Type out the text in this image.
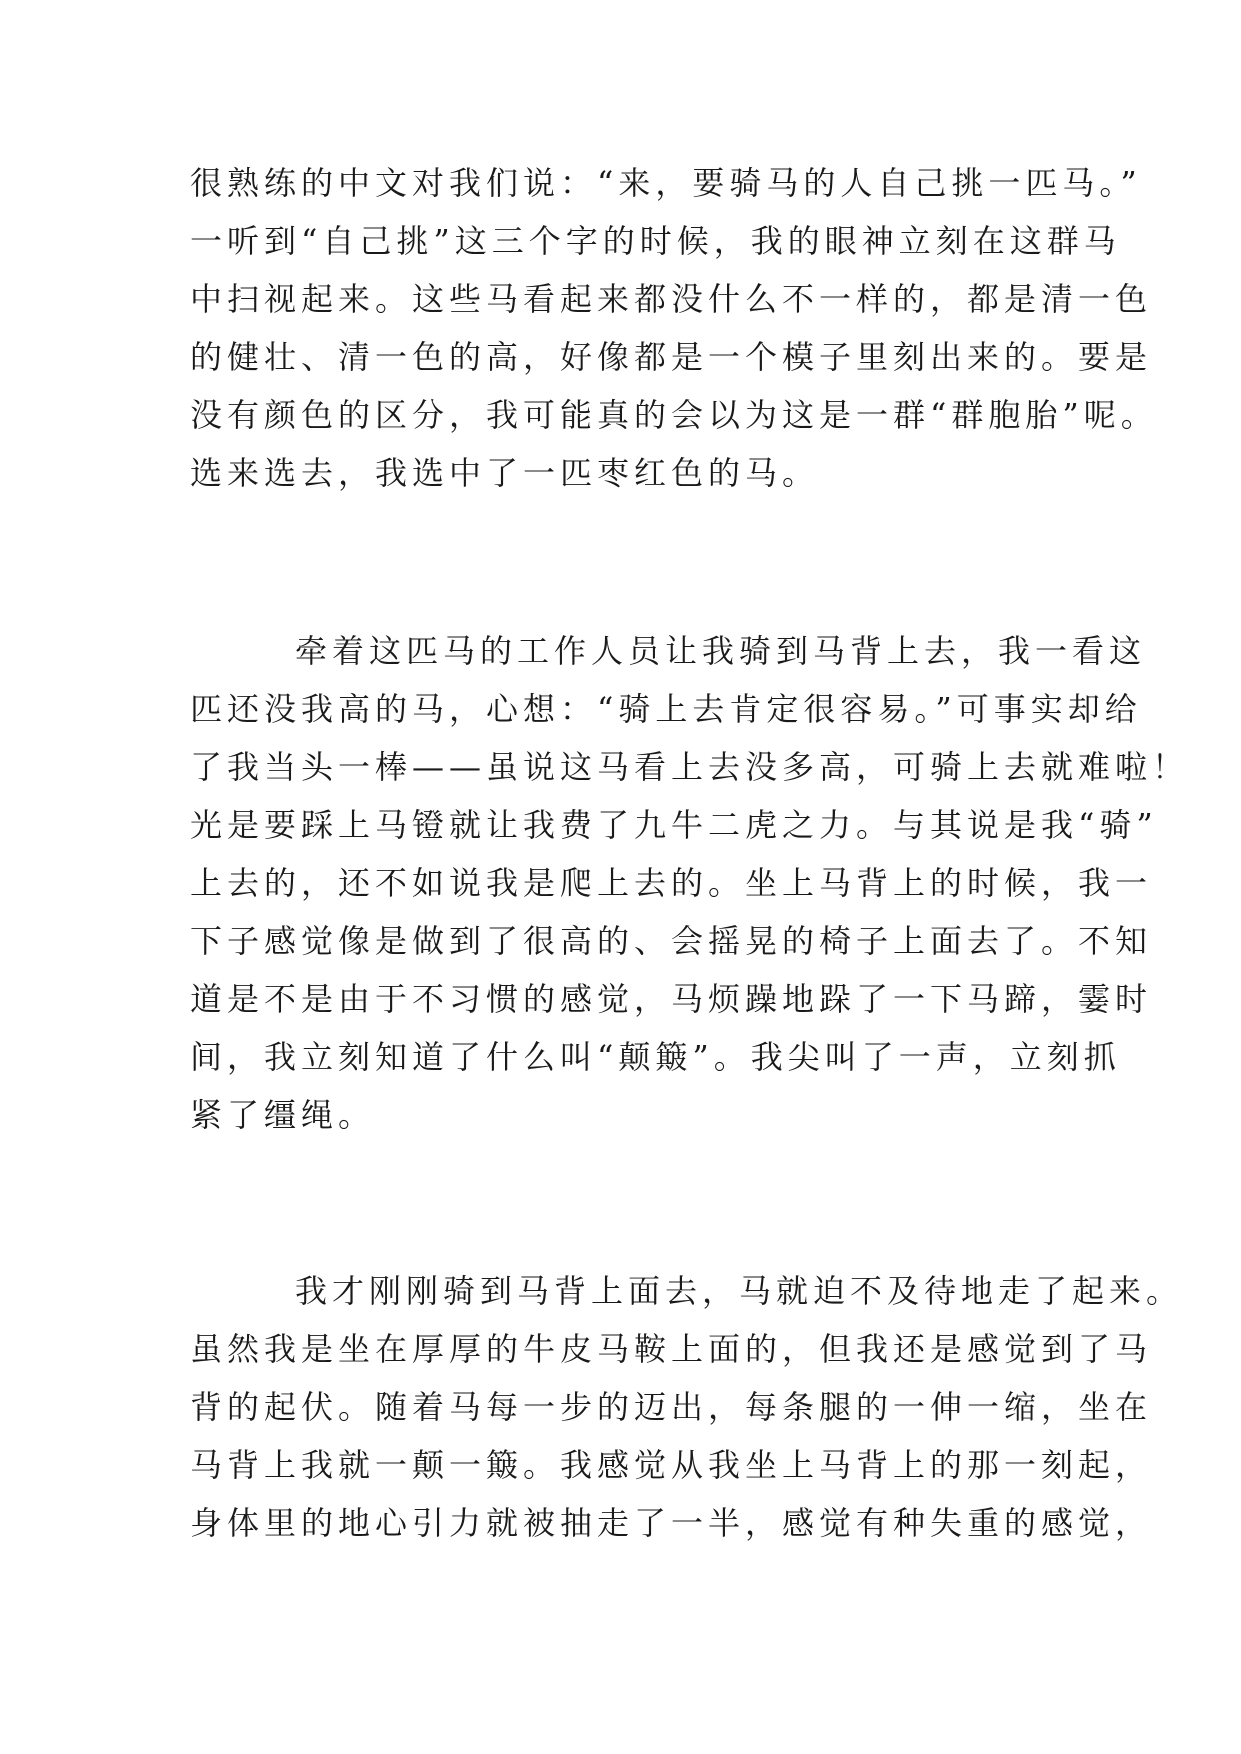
很熟练的中文对我们说：“来，要骑马的人自己挑一匹马。”
一听到“自己挑”这三个字的时候，我的眼神立刻在这群马
中扫视起来。这些马看起来都没什么不一样的，都是清一色
的健壮、清一色的高，好像都是一个模子里刻出来的。要是
没有颜色的区分，我可能真的会以为这是一群“群胞胎”呢。
选来选去，我选中了一匹枣红色的马。
牵着这匹马的工作人员让我骑到马背上去，我一看这
匹还没我高的马，心想：“骑上去肯定很容易。”可事实却给
了我当头一棒——虽说这马看上去没多高，可骑上去就难啦！
光是要踩上马镫就让我费了九牛二虎之力。与其说是我“骑”
上去的，还不如说我是爬上去的。坐上马背上的时候，我一
下子感觉像是做到了很高的、会摇晃的椅子上面去了。不知
道是不是由于不习惯的感觉，马烦躁地跺了一下马蹄，霎时
间，我立刻知道了什么叫“颠簸”。我尖叫了一声，立刻抓
紧了缰绳。
我才刚刚骑到马背上面去，马就迫不及待地走了起来。
虽然我是坐在厚厚的牛皮马鞍上面的，但我还是感觉到了马
背的起伏。随着马每一步的迈出，每条腿的一伸一缩，坐在
马背上我就一颠一簸。我感觉从我坐上马背上的那一刻起，
身体里的地心引力就被抽走了一半，感觉有种失重的感觉，
